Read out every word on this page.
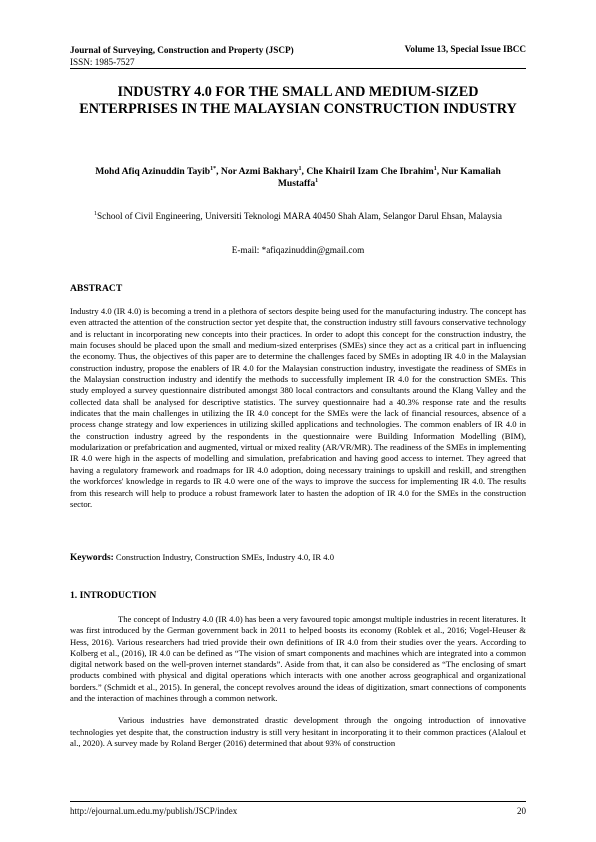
Journal of Surveying, Construction and Property (JSCP)
ISSN: 1985-7527
Volume 13, Special Issue IBCC
INDUSTRY 4.0 FOR THE SMALL AND MEDIUM-SIZED ENTERPRISES IN THE MALAYSIAN CONSTRUCTION INDUSTRY
Mohd Afiq Azinuddin Tayib$^{1*}$, Nor Azmi Bakhary$^1$, Che Khairil Izam Che Ibrahim$^1$, Nur Kamaliah Mustaffa$^1$
$^1$School of Civil Engineering, Universiti Teknologi MARA 40450 Shah Alam, Selangor Darul Ehsan, Malaysia
E-mail: *afiqazinuddin@gmail.com
ABSTRACT
Industry 4.0 (IR 4.0) is becoming a trend in a plethora of sectors despite being used for the manufacturing industry. The concept has even attracted the attention of the construction sector yet despite that, the construction industry still favours conservative technology and is reluctant in incorporating new concepts into their practices. In order to adopt this concept for the construction industry, the main focuses should be placed upon the small and medium-sized enterprises (SMEs) since they act as a critical part in influencing the economy. Thus, the objectives of this paper are to determine the challenges faced by SMEs in adopting IR 4.0 in the Malaysian construction industry, propose the enablers of IR 4.0 for the Malaysian construction industry, investigate the readiness of SMEs in the Malaysian construction industry and identify the methods to successfully implement IR 4.0 for the construction SMEs. This study employed a survey questionnaire distributed amongst 380 local contractors and consultants around the Klang Valley and the collected data shall be analysed for descriptive statistics. The survey questionnaire had a 40.3% response rate and the results indicates that the main challenges in utilizing the IR 4.0 concept for the SMEs were the lack of financial resources, absence of a process change strategy and low experiences in utilizing skilled applications and technologies. The common enablers of IR 4.0 in the construction industry agreed by the respondents in the questionnaire were Building Information Modelling (BIM), modularization or prefabrication and augmented, virtual or mixed reality (AR/VR/MR). The readiness of the SMEs in implementing IR 4.0 were high in the aspects of modelling and simulation, prefabrication and having good access to internet. They agreed that having a regulatory framework and roadmaps for IR 4.0 adoption, doing necessary trainings to upskill and reskill, and strengthen the workforces' knowledge in regards to IR 4.0 were one of the ways to improve the success for implementing IR 4.0. The results from this research will help to produce a robust framework later to hasten the adoption of IR 4.0 for the SMEs in the construction sector.
Keywords: Construction Industry, Construction SMEs, Industry 4.0, IR 4.0
1. INTRODUCTION

The concept of Industry 4.0 (IR 4.0) has been a very favoured topic amongst multiple industries in recent literatures. It was first introduced by the German government back in 2011 to helped boosts its economy (Roblek et al., 2016; Vogel-Heuser & Hess, 2016). Various researchers had tried provide their own definitions of IR 4.0 from their studies over the years. According to Kolberg et al., (2016), IR 4.0 can be defined as “The vision of smart components and machines which are integrated into a common digital network based on the well-proven internet standards”. Aside from that, it can also be considered as “The enclosing of smart products combined with physical and digital operations which interacts with one another across geographical and organizational borders.” (Schmidt et al., 2015). In general, the concept revolves around the ideas of digitization, smart connections of components and the interaction of machines through a common network.

Various industries have demonstrated drastic development through the ongoing introduction of innovative technologies yet despite that, the construction industry is still very hesitant in incorporating it to their common practices (Alaloul et al., 2020). A survey made by Roland Berger (2016) determined that about 93% of construction

http://ejournal.um.edu.my/publish/JSCP/index	20
